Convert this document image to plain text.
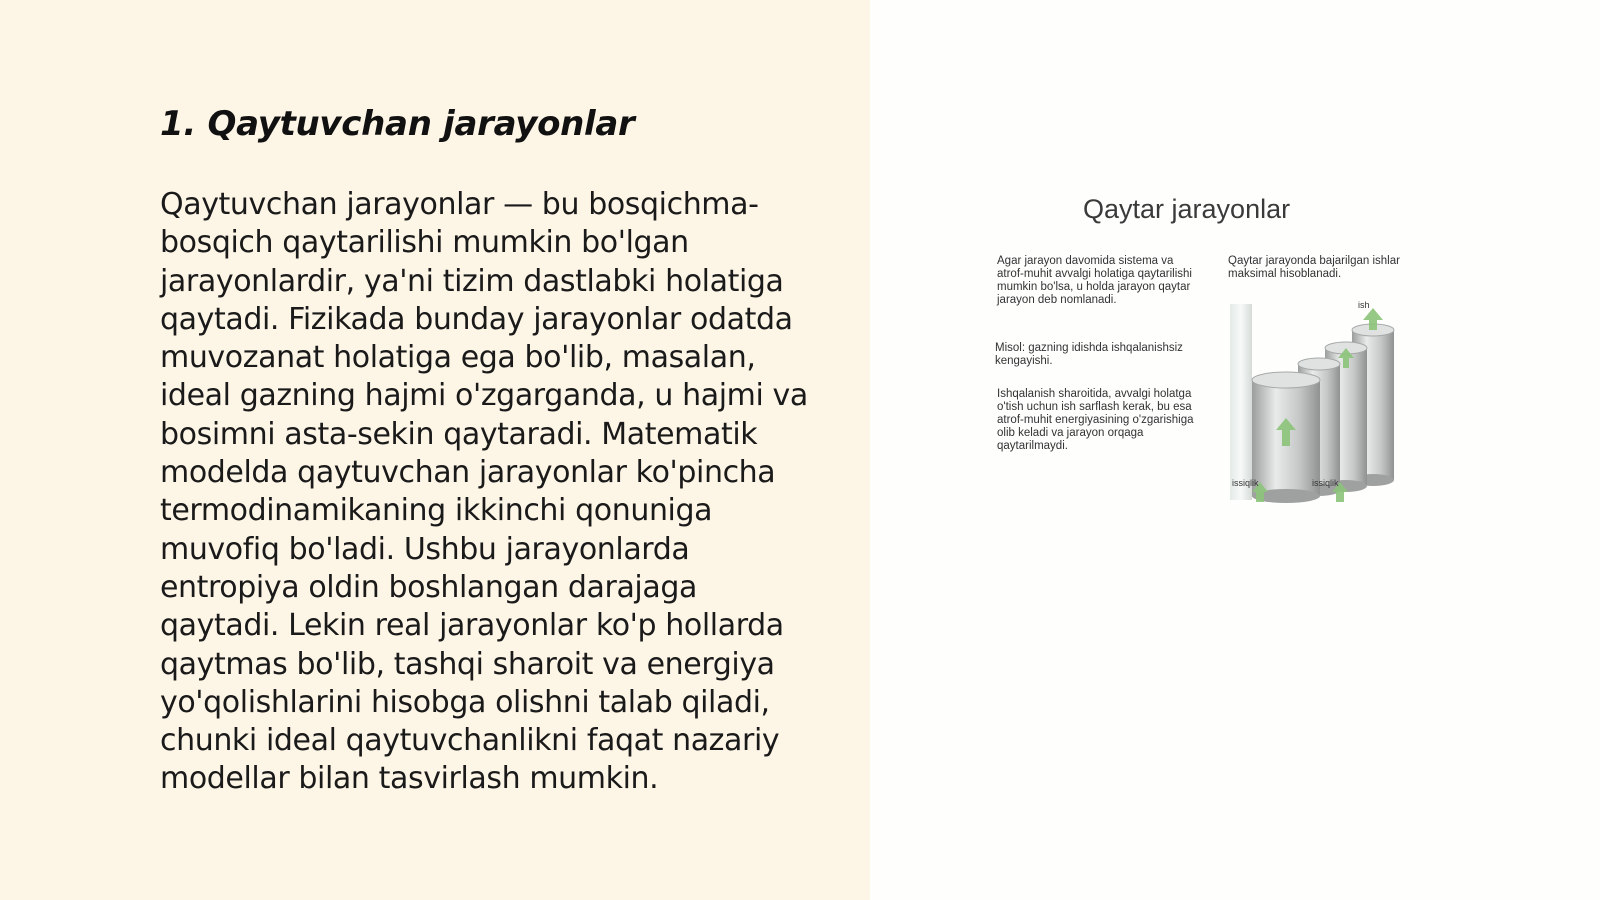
1. Qaytuvchan jarayonlar

Qaytuvchan jarayonlar — bu bosqichma-bosqich qaytarilishi mumkin bo'lgan jarayonlardir, ya'ni tizim dastlabki holatiga qaytadi. Fizikada bunday jarayonlar odatda muvozanat holatiga ega bo'lib, masalan, ideal gazning hajmi o'zgarganda, u hajmi va bosimni asta-sekin qaytaradi. Matematik modelda qaytuvchan jarayonlar ko'pincha termodinamikaning ikkinchi qonuniga muvofiq bo'ladi. Ushbu jarayonlarda entropiya oldin boshlangan darajaga qaytadi. Lekin real jarayonlar ko'p hollarda qaytmas bo'lib, tashqi sharoit va energiya yo'qolishlarini hisobga olishni talab qiladi, chunki ideal qaytuvchanlikni faqat nazariy modellar bilan tasvirlash mumkin.

Qaytar jarayonlar
Agar jarayon davomida sistema va atrof-muhit avvalgi holatiga qaytarilishi mumkin bo'lsa, u holda jarayon qaytar jarayon deb nomlanadi.
Misol: gazning idishda ishqalanishsiz kengayishi.
Ishqalanish sharoitida, avvalgi holatga o'tish uchun ish sarflash kerak, bu esa atrof-muhit energiyasining o'zgarishiga olib keladi va jarayon orqaga qaytarilmaydi.
Qaytar jarayonda bajarilgan ishlar maksimal hisoblanadi.
ish
issiqlik	issiqlik
